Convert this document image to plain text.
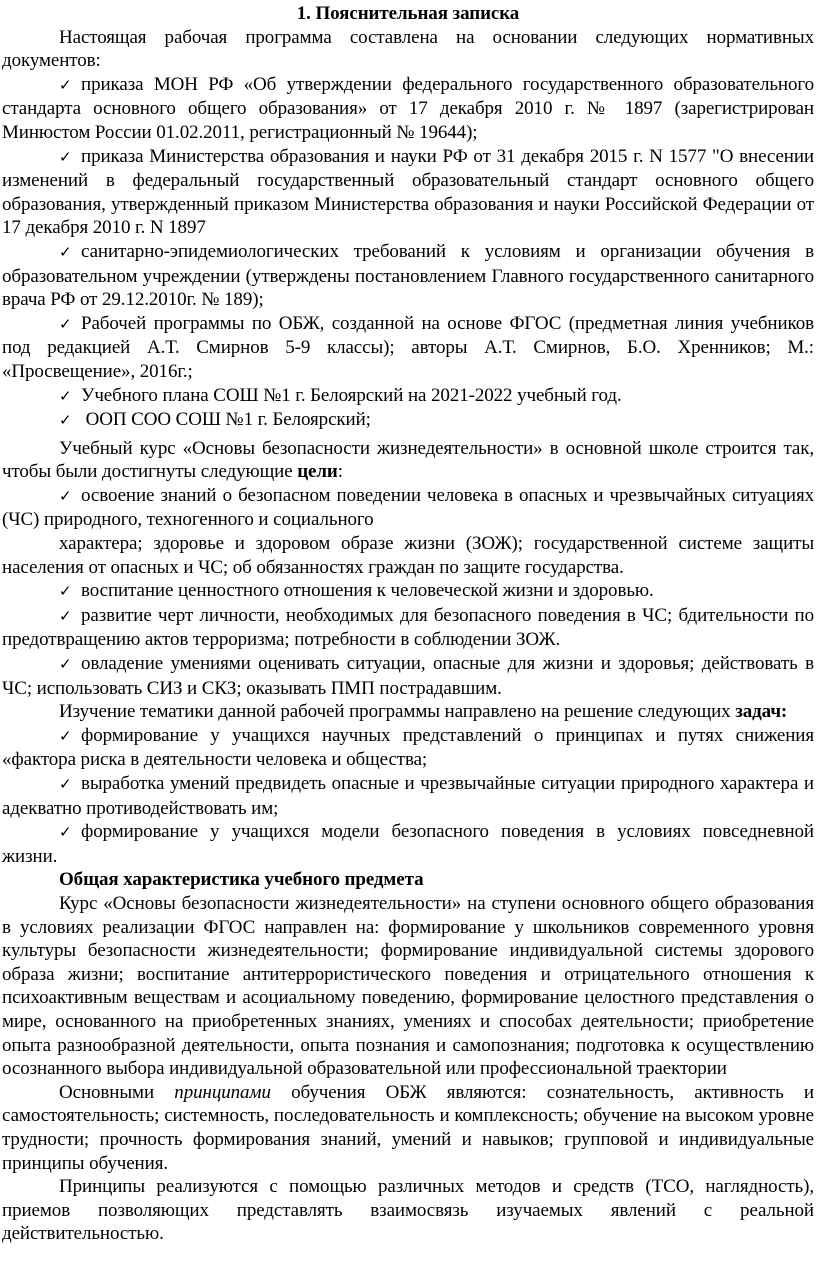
1. Пояснительная записка

Настоящая рабочая программа составлена на основании следующих нормативных документов:

✓ приказа МОН РФ «Об утверждении федерального государственного образовательного стандарта основного общего образования» от 17 декабря 2010 г. № 1897 (зарегистрирован Минюстом России 01.02.2011, регистрационный № 19644);

✓ приказа Министерства образования и науки РФ от 31 декабря 2015 г. N 1577 "О внесении изменений в федеральный государственный образовательный стандарт основного общего образования, утвержденный приказом Министерства образования и науки Российской Федерации от 17 декабря 2010 г. N 1897

✓ санитарно-эпидемиологических требований к условиям и организации обучения в образовательном учреждении (утверждены постановлением Главного государственного санитарного врача РФ от 29.12.2010г. № 189);

✓ Рабочей программы по ОБЖ, созданной на основе ФГОС (предметная линия учебников под редакцией А.Т. Смирнов 5-9 классы); авторы А.Т. Смирнов, Б.О. Хренников; М.: «Просвещение», 2016г.;

✓ Учебного плана СОШ №1 г. Белоярский на 2021-2022 учебный год.

✓ ООП СОО СОШ №1 г. Белоярский;

Учебный курс «Основы безопасности жизнедеятельности» в основной школе строится так, чтобы были достигнуты следующие цели:

✓ освоение знаний о безопасном поведении человека в опасных и чрезвычайных ситуациях (ЧС) природного, техногенного и социального

характера; здоровье и здоровом образе жизни (ЗОЖ); государственной системе защиты населения от опасных и ЧС; об обязанностях граждан по защите государства.

✓ воспитание ценностного отношения к человеческой жизни и здоровью.

✓ развитие черт личности, необходимых для безопасного поведения в ЧС; бдительности по предотвращению актов терроризма; потребности в соблюдении ЗОЖ.

✓ овладение умениями оценивать ситуации, опасные для жизни и здоровья; действовать в ЧС; использовать СИЗ и СКЗ; оказывать ПМП пострадавшим.

Изучение тематики данной рабочей программы направлено на решение следующих задач:

✓ формирование у учащихся научных представлений о принципах и путях снижения «фактора риска в деятельности человека и общества;

✓ выработка умений предвидеть опасные и чрезвычайные ситуации природного характера и адекватно противодействовать им;

✓ формирование у учащихся модели безопасного поведения в условиях повседневной жизни.

Общая характеристика учебного предмета

Курс «Основы безопасности жизнедеятельности» на ступени основного общего образования в условиях реализации ФГОС направлен на: формирование у школьников современного уровня культуры безопасности жизнедеятельности; формирование индивидуальной системы здорового образа жизни; воспитание антитеррористического поведения и отрицательного отношения к психоактивным веществам и асоциальному поведению, формирование целостного представления о мире, основанного на приобретенных знаниях, умениях и способах деятельности; приобретение опыта разнообразной деятельности, опыта познания и самопознания; подготовка к осуществлению осознанного выбора индивидуальной образовательной или профессиональной траектории

Основными принципами обучения ОБЖ являются: сознательность, активность и самостоятельность; системность, последовательность и комплексность; обучение на высоком уровне трудности; прочность формирования знаний, умений и навыков; групповой и индивидуальные принципы обучения.

Принципы реализуются с помощью различных методов и средств (ТСО, наглядность), приемов позволяющих представлять взаимосвязь изучаемых явлений с реальной действительностью.
